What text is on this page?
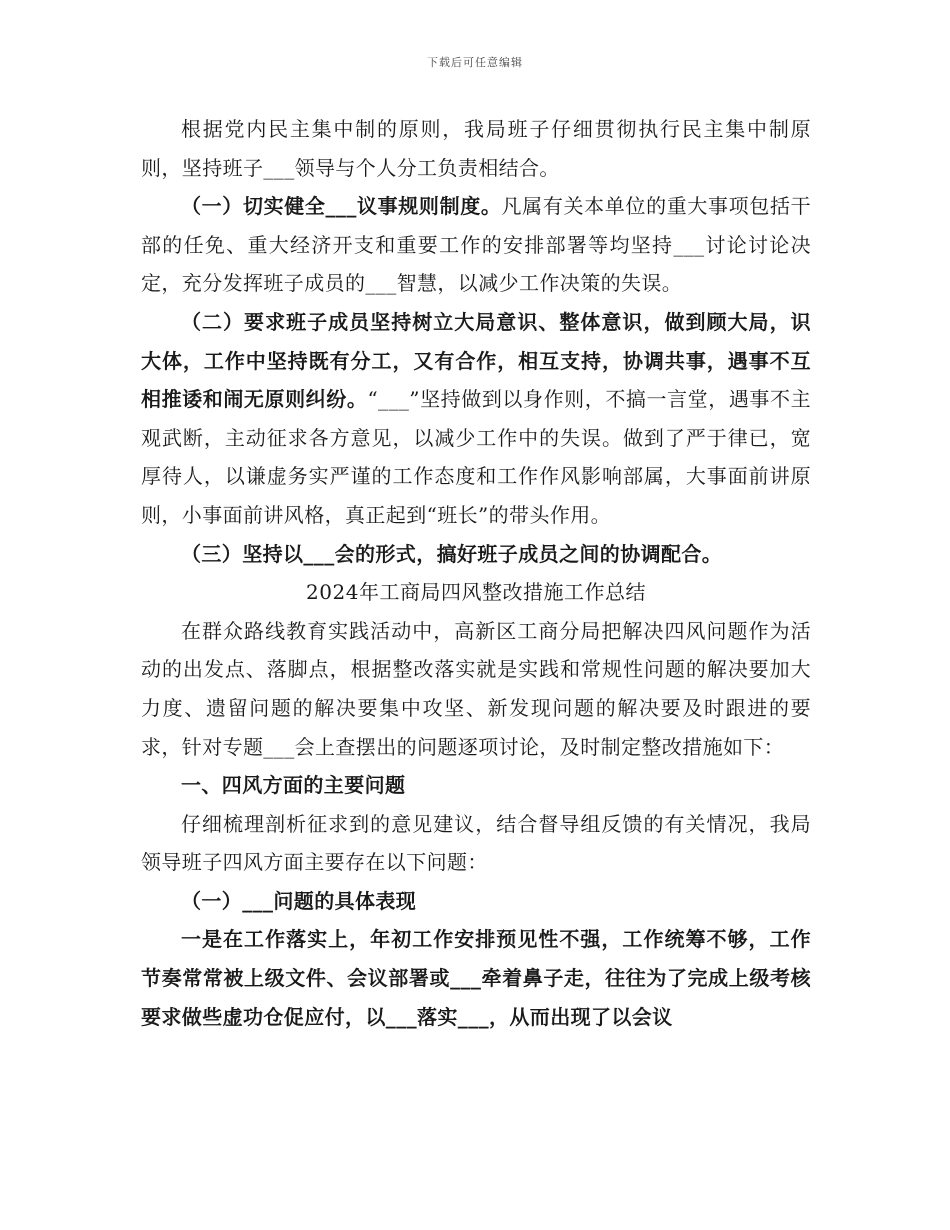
下载后可任意编辑

根据党内民主集中制的原则，我局班子仔细贯彻执行民主集中制原则，坚持班子___领导与个人分工负责相结合。

（一）切实健全___议事规则制度。凡属有关本单位的重大事项包括干部的任免、重大经济开支和重要工作的安排部署等均坚持___讨论讨论决定，充分发挥班子成员的___智慧，以减少工作决策的失误。

（二）要求班子成员坚持树立大局意识、整体意识，做到顾大局，识大体，工作中坚持既有分工，又有合作，相互支持，协调共事，遇事不互相推诿和闹无原则纠纷。“___”坚持做到以身作则，不搞一言堂，遇事不主观武断，主动征求各方意见，以减少工作中的失误。做到了严于律已，宽厚待人，以谦虚务实严谨的工作态度和工作作风影响部属，大事面前讲原则，小事面前讲风格，真正起到“班长”的带头作用。

（三）坚持以___会的形式，搞好班子成员之间的协调配合。

2024年工商局四风整改措施工作总结

在群众路线教育实践活动中，高新区工商分局把解决四风问题作为活动的出发点、落脚点，根据整改落实就是实践和常规性问题的解决要加大力度、遗留问题的解决要集中攻坚、新发现问题的解决要及时跟进的要求，针对专题___会上查摆出的问题逐项讨论，及时制定整改措施如下：

一、四风方面的主要问题

仔细梳理剖析征求到的意见建议，结合督导组反馈的有关情况，我局领导班子四风方面主要存在以下问题：

（一）___问题的具体表现

一是在工作落实上，年初工作安排预见性不强，工作统筹不够，工作节奏常常被上级文件、会议部署或___牵着鼻子走，往往为了完成上级考核要求做些虚功仓促应付，以___落实___，从而出现了以会议
